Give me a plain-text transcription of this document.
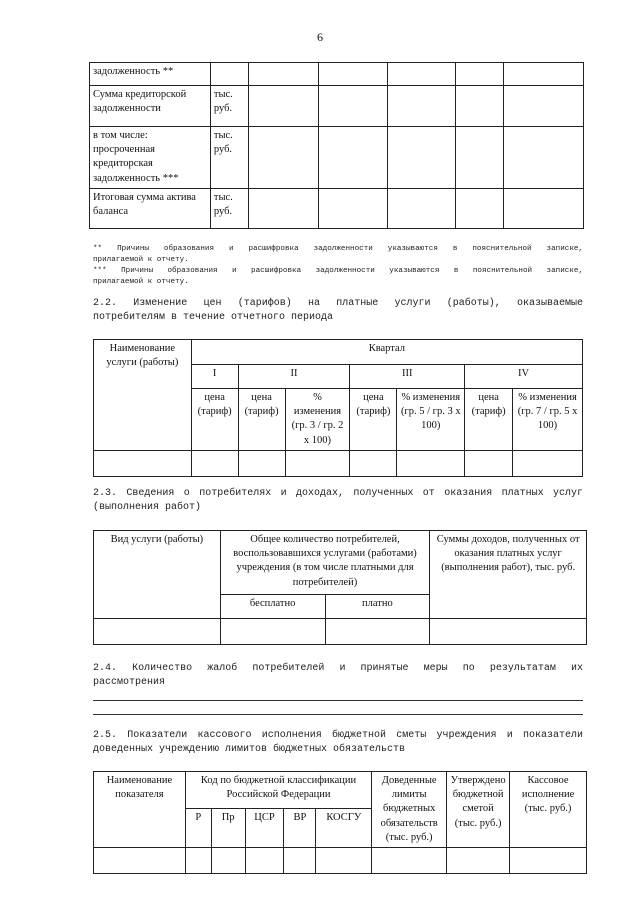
6
задолженность **						
Сумма кредиторской задолженности	тыс. руб.					
в том числе: просроченная кредиторская задолженность ***	тыс. руб.					
Итоговая сумма актива баланса	тыс. руб.					
** Причины образования и расшифровка задолженности указываются в пояснительной записке,
прилагаемой к отчету.
*** Причины образования и расшифровка задолженности указываются в пояснительной записке,
прилагаемой к отчету.
2.2. Изменение цен (тарифов) на платные услуги (работы), оказываемые
потребителям в течение отчетного периода
Наименование услуги (работы)	Квартал						
	I	II		III		IV	
	цена (тариф)	цена (тариф)	% изменения (гр. 3 / гр. 2 x 100)	цена (тариф)	% изменения (гр. 5 / гр. 3 x 100)	цена (тариф)	% изменения (гр. 7 / гр. 5 x 100)

2.3. Сведения о потребителях и доходах, полученных от оказания платных услуг
(выполнения работ)
Вид услуги (работы)	Общее количество потребителей, воспользовавшихся услугами (работами) учреждения (в том числе платными для потребителей)		Суммы доходов, полученных от оказания платных услуг (выполнения работ), тыс. руб.
	бесплатно	платно	

2.4. Количество жалоб потребителей и принятые меры по результатам их
рассмотрения
2.5. Показатели кассового исполнения бюджетной сметы учреждения и показатели
доведенных учреждению лимитов бюджетных обязательств
Наименование показателя	Код по бюджетной классификации Российской Федерации					Доведенные лимиты бюджетных обязательств (тыс. руб.)	Утверждено бюджетной сметой (тыс. руб.)	Кассовое исполнение (тыс. руб.)
	Р	Пр	ЦСР	ВР	КОСГУ			
